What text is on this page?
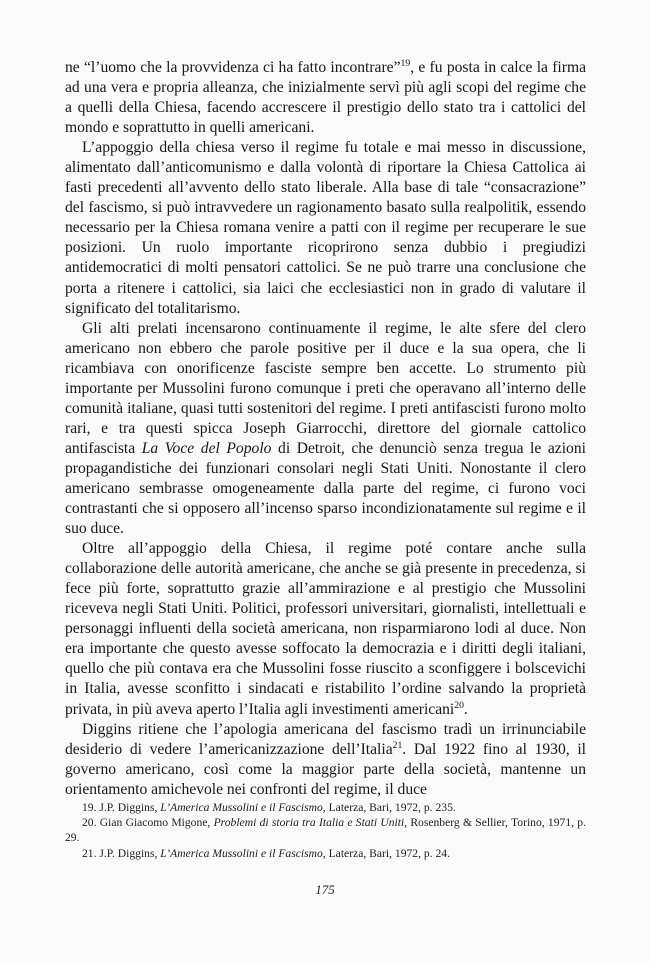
ne “l’uomo che la provvidenza ci ha fatto incontrare”$^{19}$, e fu posta in calce la firma ad una vera e propria alleanza, che inizialmente servì più agli scopi del regime che a quelli della Chiesa, facendo accrescere il prestigio dello stato tra i cattolici del mondo e soprattutto in quelli americani.

L’appoggio della chiesa verso il regime fu totale e mai messo in discussione, alimentato dall’anticomunismo e dalla volontà di riportare la Chiesa Cattolica ai fasti precedenti all’avvento dello stato liberale. Alla base di tale “consacrazione” del fascismo, si può intravvedere un ragionamento basato sulla realpolitik, essendo necessario per la Chiesa romana venire a patti con il regime per recuperare le sue posizioni. Un ruolo importante ricoprirono senza dubbio i pregiudizi antidemocratici di molti pensatori cattolici. Se ne può trarre una conclusione che porta a ritenere i cattolici, sia laici che ecclesiastici non in grado di valutare il significato del totalitarismo.

Gli alti prelati incensarono continuamente il regime, le alte sfere del clero americano non ebbero che parole positive per il duce e la sua opera, che li ricambiava con onorificenze fasciste sempre ben accette. Lo strumento più importante per Mussolini furono comunque i preti che operavano all’interno delle comunità italiane, quasi tutti sostenitori del regime. I preti antifascisti furono molto rari, e tra questi spicca Joseph Giarrocchi, direttore del giornale cattolico antifascista La Voce del Popolo di Detroit, che denunciò senza tregua le azioni propagandistiche dei funzionari consolari negli Stati Uniti. Nonostante il clero americano sembrasse omogeneamente dalla parte del regime, ci furono voci contrastanti che si opposero all’incenso sparso incondizionatamente sul regime e il suo duce.

Oltre all’appoggio della Chiesa, il regime poté contare anche sulla collaborazione delle autorità americane, che anche se già presente in precedenza, si fece più forte, soprattutto grazie all’ammirazione e al prestigio che Mussolini riceveva negli Stati Uniti. Politici, professori universitari, giornalisti, intellettuali e personaggi influenti della società americana, non risparmiarono lodi al duce. Non era importante che questo avesse soffocato la democrazia e i diritti degli italiani, quello che più contava era che Mussolini fosse riuscito a sconfiggere i bolscevichi in Italia, avesse sconfitto i sindacati e ristabilito l’ordine salvando la proprietà privata, in più aveva aperto l’Italia agli investimenti americani$^{20}$.

Diggins ritiene che l’apologia americana del fascismo tradì un irrinunciabile desiderio di vedere l’americanizzazione dell’Italia$^{21}$. Dal 1922 fino al 1930, il governo americano, così come la maggior parte della società, mantenne un orientamento amichevole nei confronti del regime, il duce

19. J.P. Diggins, L’America Mussolini e il Fascismo, Laterza, Bari, 1972, p. 235.

20. Gian Giacomo Migone, Problemi di storia tra Italia e Stati Uniti, Rosenberg & Sellier, Torino, 1971, p. 29.

21. J.P. Diggins, L’America Mussolini e il Fascismo, Laterza, Bari, 1972, p. 24.

175
